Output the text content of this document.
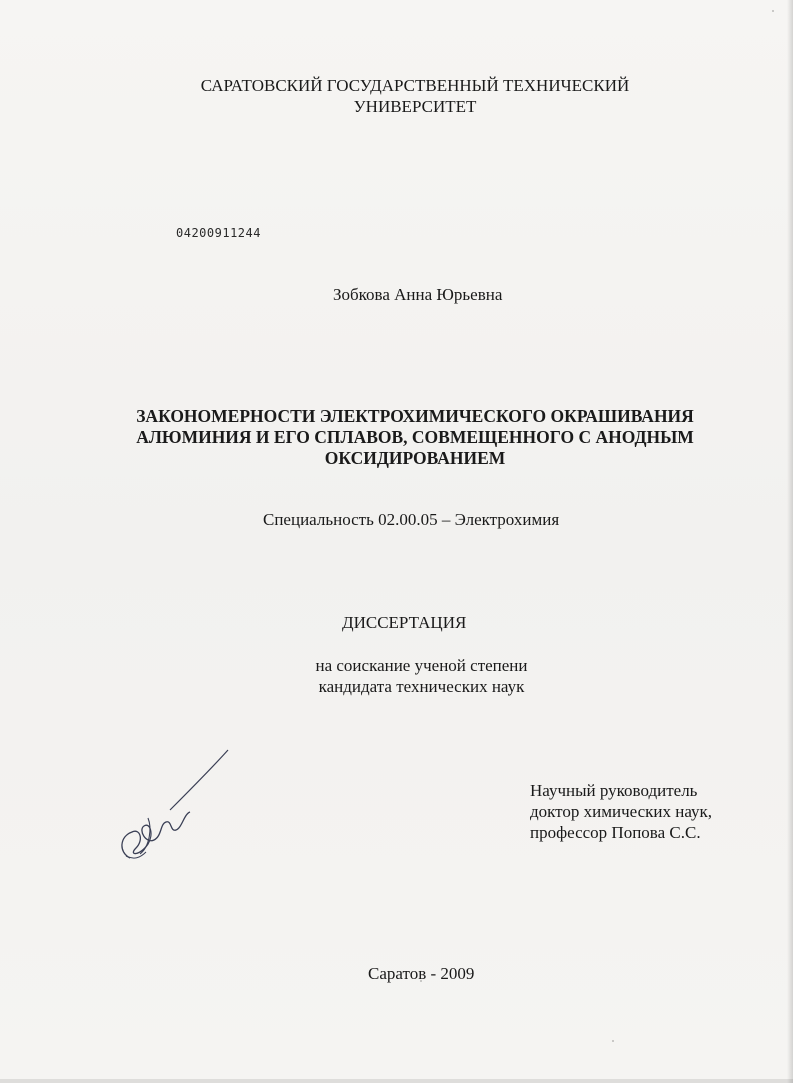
САРАТОВСКИЙ ГОСУДАРСТВЕННЫЙ ТЕХНИЧЕСКИЙ
УНИВЕРСИТЕТ
04200911244
Зобкова Анна Юрьевна
ЗАКОНОМЕРНОСТИ ЭЛЕКТРОХИМИЧЕСКОГО ОКРАШИВАНИЯ
АЛЮМИНИЯ И ЕГО СПЛАВОВ, СОВМЕЩЕННОГО С АНОДНЫМ
ОКСИДИРОВАНИЕМ
Специальность 02.00.05 – Электрохимия
ДИССЕРТАЦИЯ
на соискание ученой степени
кандидата технических наук
Научный руководитель
доктор химических наук,
профессор Попова С.С.
Саратов - 2009
